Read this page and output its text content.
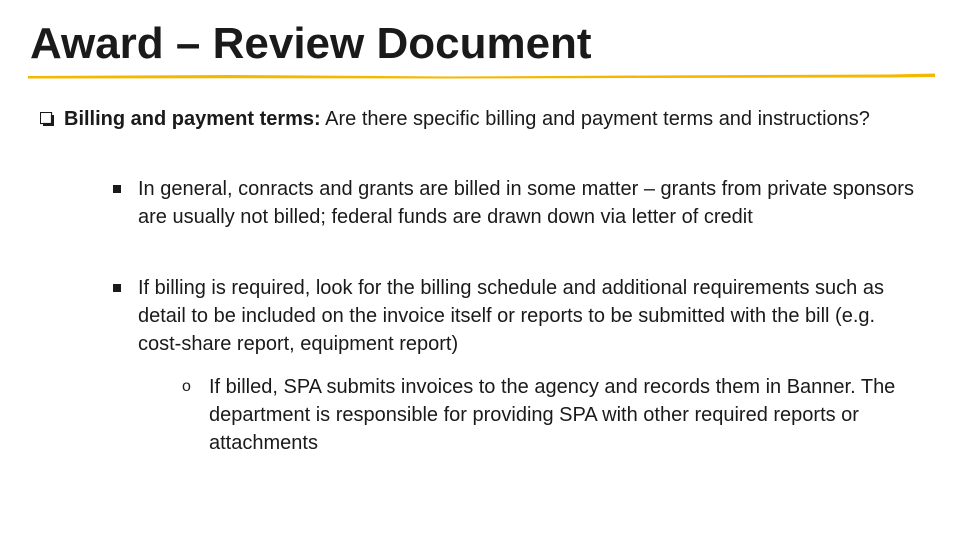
Award – Review Document
Billing and payment terms: Are there specific billing and payment terms and instructions?
In general, conracts and grants are billed in some matter – grants from private sponsors are usually not billed; federal funds are drawn down via letter of credit
If billing is required, look for the billing schedule and additional requirements such as detail to be included on the invoice itself or reports to be submitted with the bill (e.g. cost-share report, equipment report)
o If billed, SPA submits invoices to the agency and records them in Banner. The department is responsible for providing SPA with other required reports or attachments
